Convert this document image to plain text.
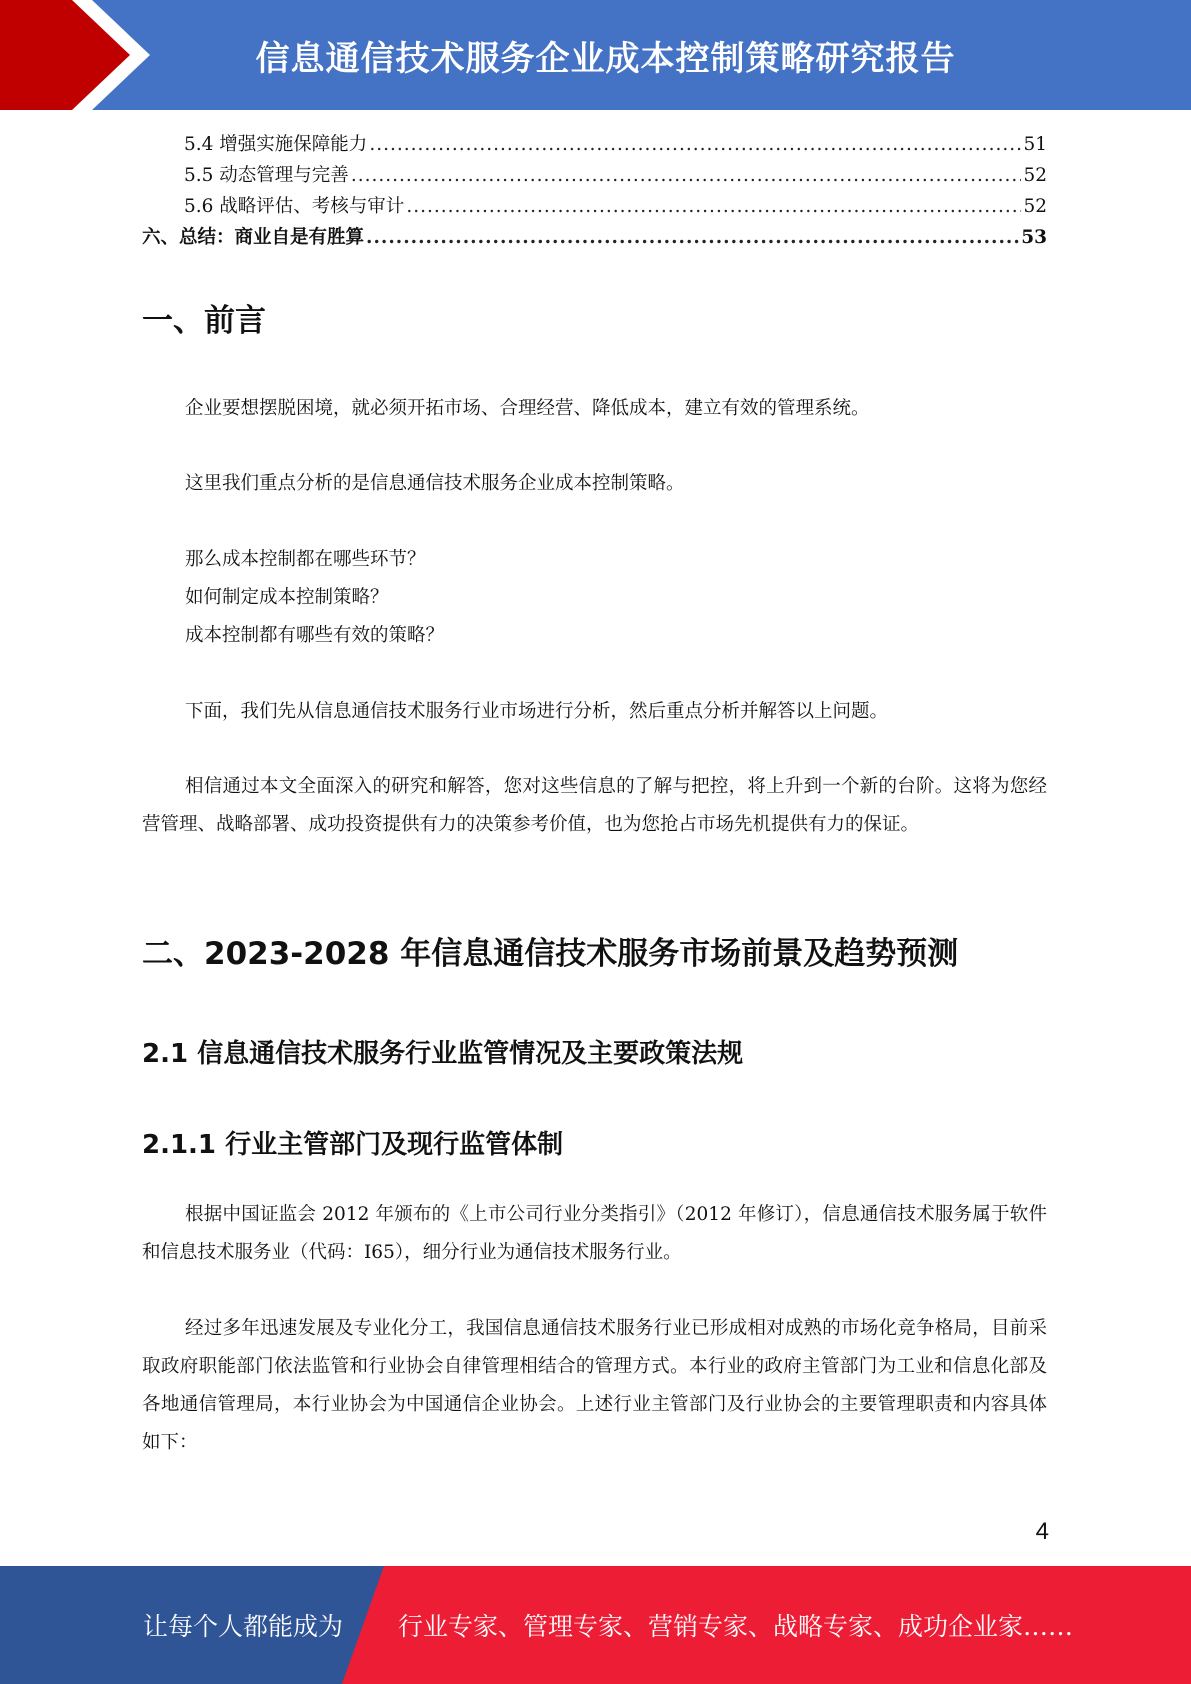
信息通信技术服务企业成本控制策略研究报告
5.4 增强实施保障能力 .....	51
5.5 动态管理与完善 .....	52
5.6 战略评估、考核与审计 .....	52
六、总结：商业自是有胜算 .....	53
一、前言
企业要想摆脱困境，就必须开拓市场、合理经营、降低成本，建立有效的管理系统。
这里我们重点分析的是信息通信技术服务企业成本控制策略。
那么成本控制都在哪些环节？
如何制定成本控制策略？
成本控制都有哪些有效的策略？
下面，我们先从信息通信技术服务行业市场进行分析，然后重点分析并解答以上问题。
相信通过本文全面深入的研究和解答，您对这些信息的了解与把控，将上升到一个新的台阶。这将为您经营管理、战略部署、成功投资提供有力的决策参考价值，也为您抢占市场先机提供有力的保证。
二、2023-2028 年信息通信技术服务市场前景及趋势预测
2.1 信息通信技术服务行业监管情况及主要政策法规
2.1.1 行业主管部门及现行监管体制
根据中国证监会 2012 年颁布的《上市公司行业分类指引》（2012 年修订），信息通信技术服务属于软件和信息技术服务业（代码：I65），细分行业为通信技术服务行业。
经过多年迅速发展及专业化分工，我国信息通信技术服务行业已形成相对成熟的市场化竞争格局，目前采取政府职能部门依法监管和行业协会自律管理相结合的管理方式。本行业的政府主管部门为工业和信息化部及各地通信管理局，本行业协会为中国通信企业协会。上述行业主管部门及行业协会的主要管理职责和内容具体如下：
4
让每个人都能成为 行业专家、管理专家、营销专家、战略专家、成功企业家……
